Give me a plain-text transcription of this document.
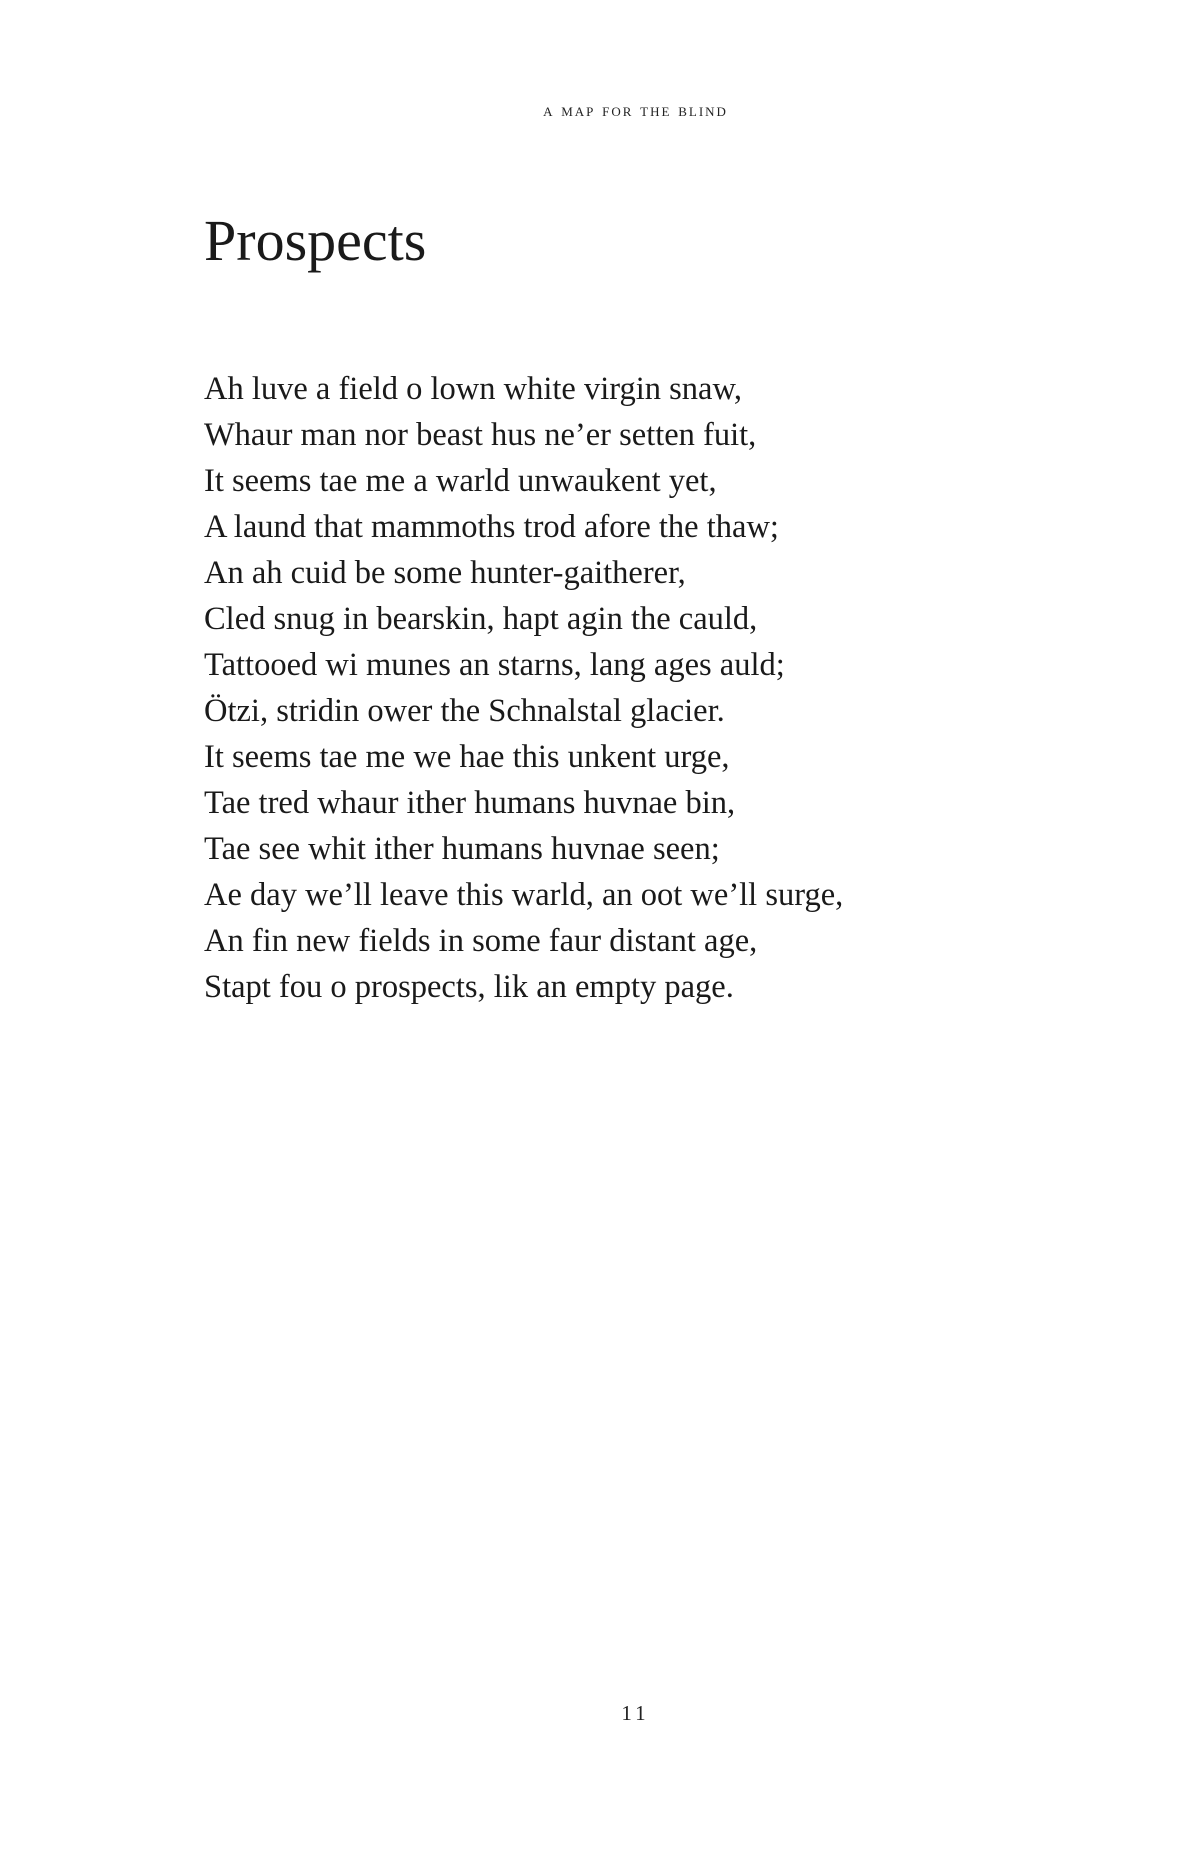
a map for the blind
Prospects
Ah luve a field o lown white virgin snaw,
Whaur man nor beast hus ne’er setten fuit,
It seems tae me a warld unwaukent yet,
A laund that mammoths trod afore the thaw;
An ah cuid be some hunter-gaitherer,
Cled snug in bearskin, hapt agin the cauld,
Tattooed wi munes an starns, lang ages auld;
Ötzi, stridin ower the Schnalstal glacier.
It seems tae me we hae this unkent urge,
Tae tred whaur ither humans huvnae bin,
Tae see whit ither humans huvnae seen;
Ae day we’ll leave this warld, an oot we’ll surge,
An fin new fields in some faur distant age,
Stapt fou o prospects, lik an empty page.
11
